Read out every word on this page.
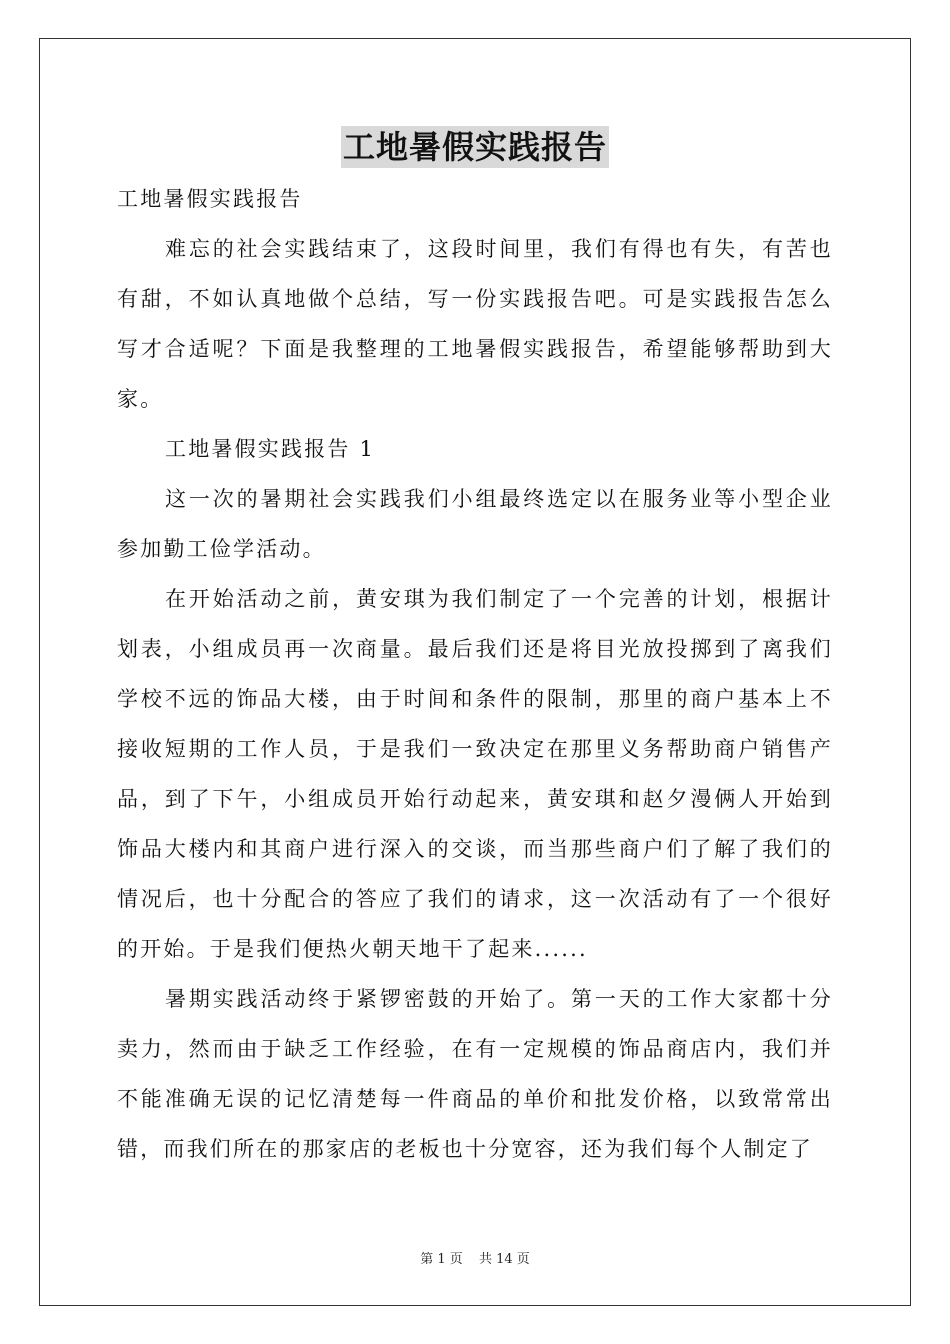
工地暑假实践报告

工地暑假实践报告

难忘的社会实践结束了，这段时间里，我们有得也有失，有苦也有甜，不如认真地做个总结，写一份实践报告吧。可是实践报告怎么写才合适呢？下面是我整理的工地暑假实践报告，希望能够帮助到大家。

工地暑假实践报告 1

这一次的暑期社会实践我们小组最终选定以在服务业等小型企业参加勤工俭学活动。

在开始活动之前，黄安琪为我们制定了一个完善的计划，根据计划表，小组成员再一次商量。最后我们还是将目光放投掷到了离我们学校不远的饰品大楼，由于时间和条件的限制，那里的商户基本上不接收短期的工作人员，于是我们一致决定在那里义务帮助商户销售产品，到了下午，小组成员开始行动起来，黄安琪和赵夕漫俩人开始到饰品大楼内和其商户进行深入的交谈，而当那些商户们了解了我们的情况后，也十分配合的答应了我们的请求，这一次活动有了一个很好的开始。于是我们便热火朝天地干了起来......

暑期实践活动终于紧锣密鼓的开始了。第一天的工作大家都十分卖力，然而由于缺乏工作经验，在有一定规模的饰品商店内，我们并不能准确无误的记忆清楚每一件商品的单价和批发价格，以致常常出错，而我们所在的那家店的老板也十分宽容，还为我们每个人制定了

第 1 页 共 14 页
